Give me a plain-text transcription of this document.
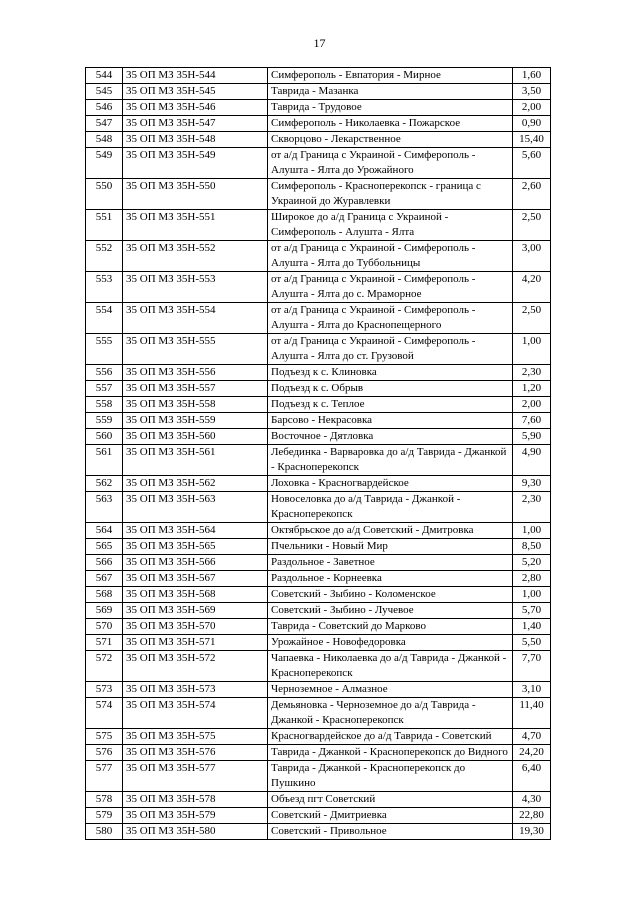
17
544	35 ОП МЗ 35Н-544	Симферополь - Евпатория - Мирное	1,60
545	35 ОП МЗ 35Н-545	Таврида - Мазанка	3,50
546	35 ОП МЗ 35Н-546	Таврида - Трудовое	2,00
547	35 ОП МЗ 35Н-547	Симферополь - Николаевка - Пожарское	0,90
548	35 ОП МЗ 35Н-548	Скворцово - Лекарственное	15,40
549	35 ОП МЗ 35Н-549	от а/д Граница с Украиной - Симферополь - Алушта - Ялта до Урожайного	5,60
550	35 ОП МЗ 35Н-550	Симферополь - Красноперекопск - граница с Украиной до Журавлевки	2,60
551	35 ОП МЗ 35Н-551	Широкое до а/д Граница с Украиной - Симферополь - Алушта - Ялта	2,50
552	35 ОП МЗ 35Н-552	от а/д Граница с Украиной - Симферополь - Алушта - Ялта до Туббольницы	3,00
553	35 ОП МЗ 35Н-553	от а/д Граница с Украиной - Симферополь - Алушта - Ялта до с. Мраморное	4,20
554	35 ОП МЗ 35Н-554	от а/д Граница с Украиной - Симферополь - Алушта - Ялта до Краснопещерного	2,50
555	35 ОП МЗ 35Н-555	от а/д Граница с Украиной - Симферополь - Алушта - Ялта до ст. Грузовой	1,00
556	35 ОП МЗ 35Н-556	Подъезд к с. Клиновка	2,30
557	35 ОП МЗ 35Н-557	Подъезд к с. Обрыв	1,20
558	35 ОП МЗ 35Н-558	Подъезд к с. Теплое	2,00
559	35 ОП МЗ 35Н-559	Барсово - Некрасовка	7,60
560	35 ОП МЗ 35Н-560	Восточное - Дятловка	5,90
561	35 ОП МЗ 35Н-561	Лебединка - Варваровка до а/д Таврида - Джанкой - Красноперекопск	4,90
562	35 ОП МЗ 35Н-562	Лоховка - Красногвардейское	9,30
563	35 ОП МЗ 35Н-563	Новоселовка до а/д Таврида - Джанкой - Красноперекопск	2,30
564	35 ОП МЗ 35Н-564	Октябрьское до а/д Советский - Дмитровка	1,00
565	35 ОП МЗ 35Н-565	Пчельники - Новый Мир	8,50
566	35 ОП МЗ 35Н-566	Раздольное - Заветное	5,20
567	35 ОП МЗ 35Н-567	Раздольное - Корнеевка	2,80
568	35 ОП МЗ 35Н-568	Советский - Зыбино - Коломенское	1,00
569	35 ОП МЗ 35Н-569	Советский - Зыбино - Лучевое	5,70
570	35 ОП МЗ 35Н-570	Таврида - Советский до Марково	1,40
571	35 ОП МЗ 35Н-571	Урожайное - Новофедоровка	5,50
572	35 ОП МЗ 35Н-572	Чапаевка - Николаевка до а/д Таврида - Джанкой - Красноперекопск	7,70
573	35 ОП МЗ 35Н-573	Черноземное - Алмазное	3,10
574	35 ОП МЗ 35Н-574	Демьяновка - Черноземное до а/д Таврида - Джанкой - Красноперекопск	11,40
575	35 ОП МЗ 35Н-575	Красногвардейское до а/д Таврида - Советский	4,70
576	35 ОП МЗ 35Н-576	Таврида - Джанкой - Красноперекопск до Видного	24,20
577	35 ОП МЗ 35Н-577	Таврида - Джанкой - Красноперекопск до Пушкино	6,40
578	35 ОП МЗ 35Н-578	Объезд пгт Советский	4,30
579	35 ОП МЗ 35Н-579	Советский - Дмитриевка	22,80
580	35 ОП МЗ 35Н-580	Советский - Привольное	19,30
